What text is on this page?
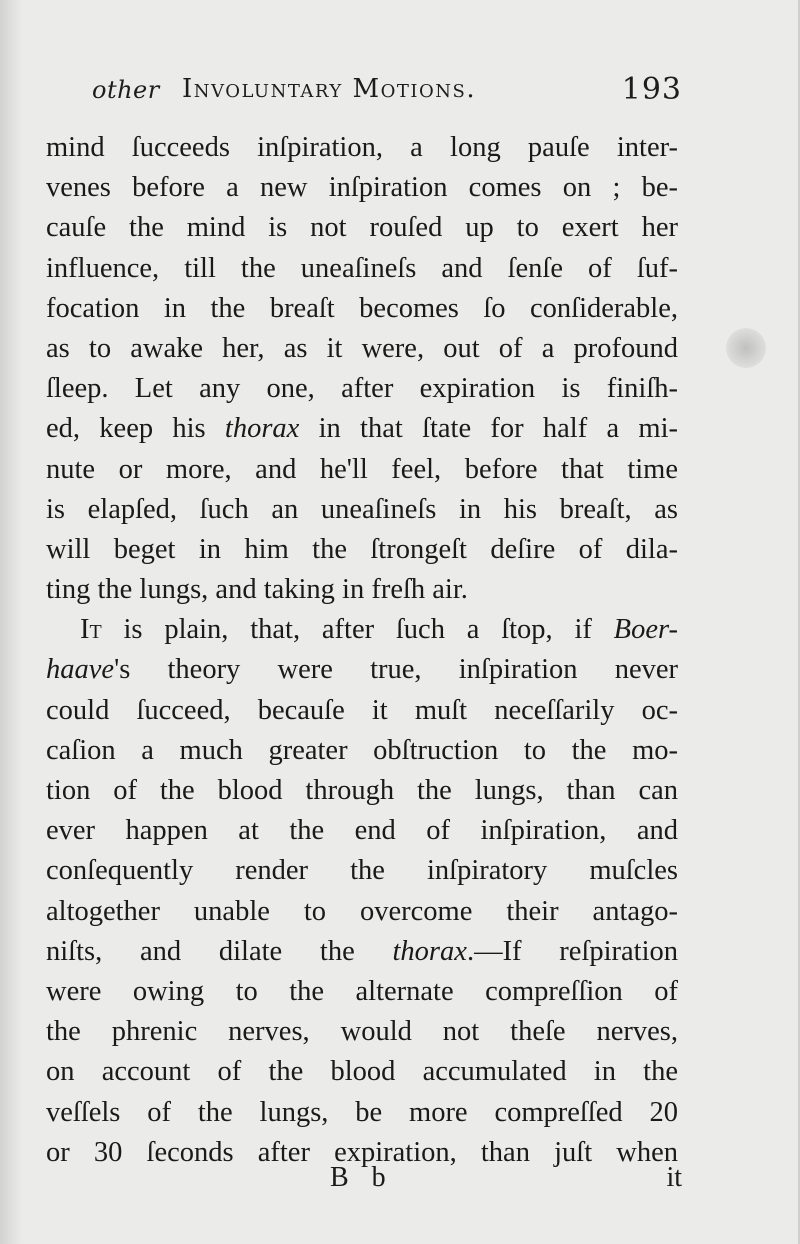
other Involuntary Motions.	193
mind ſucceeds inſpiration, a long pauſe inter-
venes before a new inſpiration comes on ; be-
cauſe the mind is not rouſed up to exert her
influence, till the uneaſineſs and ſenſe of ſuf-
focation in the breaſt becomes ſo conſiderable,
as to awake her, as it were, out of a profound
ſleep. Let any one, after expiration is finiſh-
ed, keep his thorax in that ſtate for half a mi-
nute or more, and he'll feel, before that time
is elapſed, ſuch an uneaſineſs in his breaſt, as
will beget in him the ſtrongeſt deſire of dila-
ting the lungs, and taking in freſh air.
It is plain, that, after ſuch a ſtop, if Boer-
haave's theory were true, inſpiration never
could ſucceed, becauſe it muſt neceſſarily oc-
caſion a much greater obſtruction to the mo-
tion of the blood through the lungs, than can
ever happen at the end of inſpiration, and
conſequently render the inſpiratory muſcles
altogether unable to overcome their antago-
niſts, and dilate the thorax.—If reſpiration
were owing to the alternate compreſſion of
the phrenic nerves, would not theſe nerves,
on account of the blood accumulated in the
veſſels of the lungs, be more compreſſed 20
or 30 ſeconds after expiration, than juſt when
B b	it
